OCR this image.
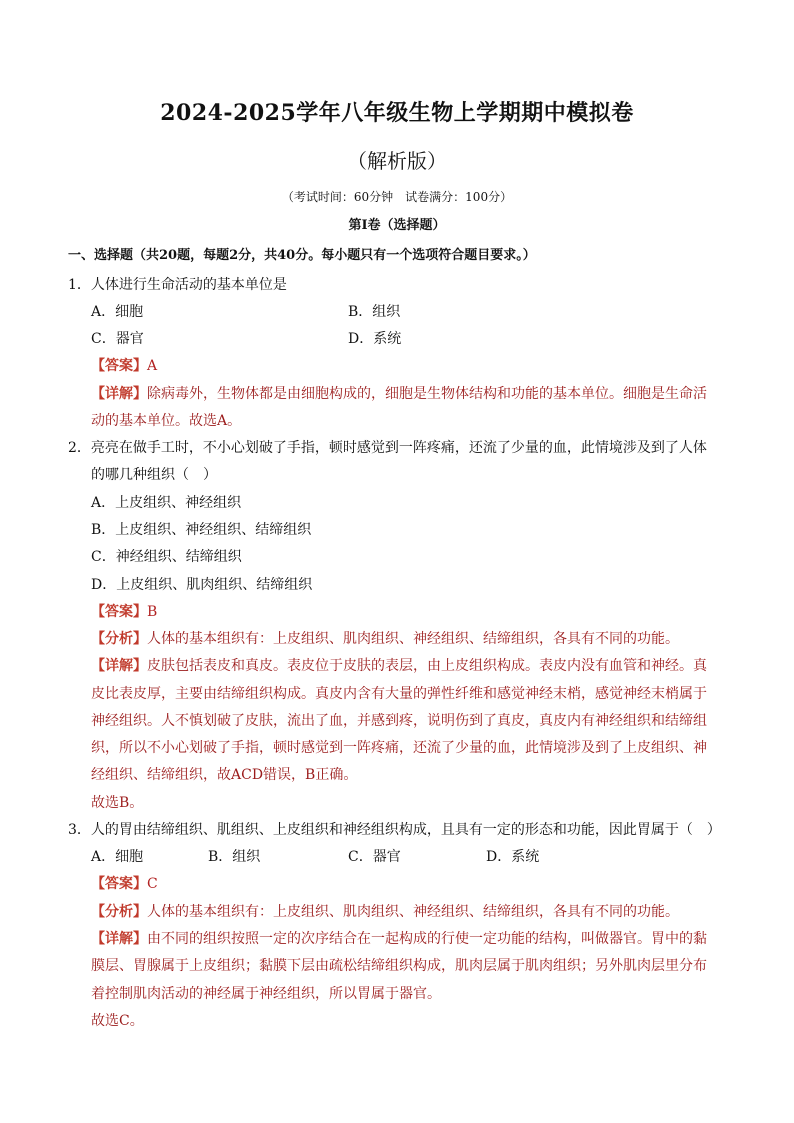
2024-2025学年八年级生物上学期期中模拟卷
（解析版）
（考试时间：60分钟　试卷满分：100分）
第Ⅰ卷（选择题）
一、选择题（共20题，每题2分，共40分。每小题只有一个选项符合题目要求。）
1．人体进行生命活动的基本单位是
A．细胞	B．组织
C．器官	D．系统
【答案】A
【详解】除病毒外，生物体都是由细胞构成的，细胞是生物体结构和功能的基本单位。细胞是生命活
动的基本单位。故选A。
2．亮亮在做手工时，不小心划破了手指，顿时感觉到一阵疼痛，还流了少量的血，此情境涉及到了人体
的哪几种组织（　）
A．上皮组织、神经组织
B．上皮组织、神经组织、结缔组织
C．神经组织、结缔组织
D．上皮组织、肌肉组织、结缔组织
【答案】B
【分析】人体的基本组织有：上皮组织、肌肉组织、神经组织、结缔组织，各具有不同的功能。
【详解】皮肤包括表皮和真皮。表皮位于皮肤的表层，由上皮组织构成。表皮内没有血管和神经。真
皮比表皮厚，主要由结缔组织构成。真皮内含有大量的弹性纤维和感觉神经末梢，感觉神经末梢属于
神经组织。人不慎划破了皮肤，流出了血，并感到疼，说明伤到了真皮，真皮内有神经组织和结缔组
织，所以不小心划破了手指，顿时感觉到一阵疼痛，还流了少量的血，此情境涉及到了上皮组织、神
经组织、结缔组织，故ACD错误，B正确。
故选B。
3．人的胃由结缔组织、肌组织、上皮组织和神经组织构成，且具有一定的形态和功能，因此胃属于（　）
A．细胞	B．组织	C．器官	D．系统
【答案】C
【分析】人体的基本组织有：上皮组织、肌肉组织、神经组织、结缔组织，各具有不同的功能。
【详解】由不同的组织按照一定的次序结合在一起构成的行使一定功能的结构，叫做器官。胃中的黏
膜层、胃腺属于上皮组织；黏膜下层由疏松结缔组织构成，肌肉层属于肌肉组织；另外肌肉层里分布
着控制肌肉活动的神经属于神经组织，所以胃属于器官。
故选C。
